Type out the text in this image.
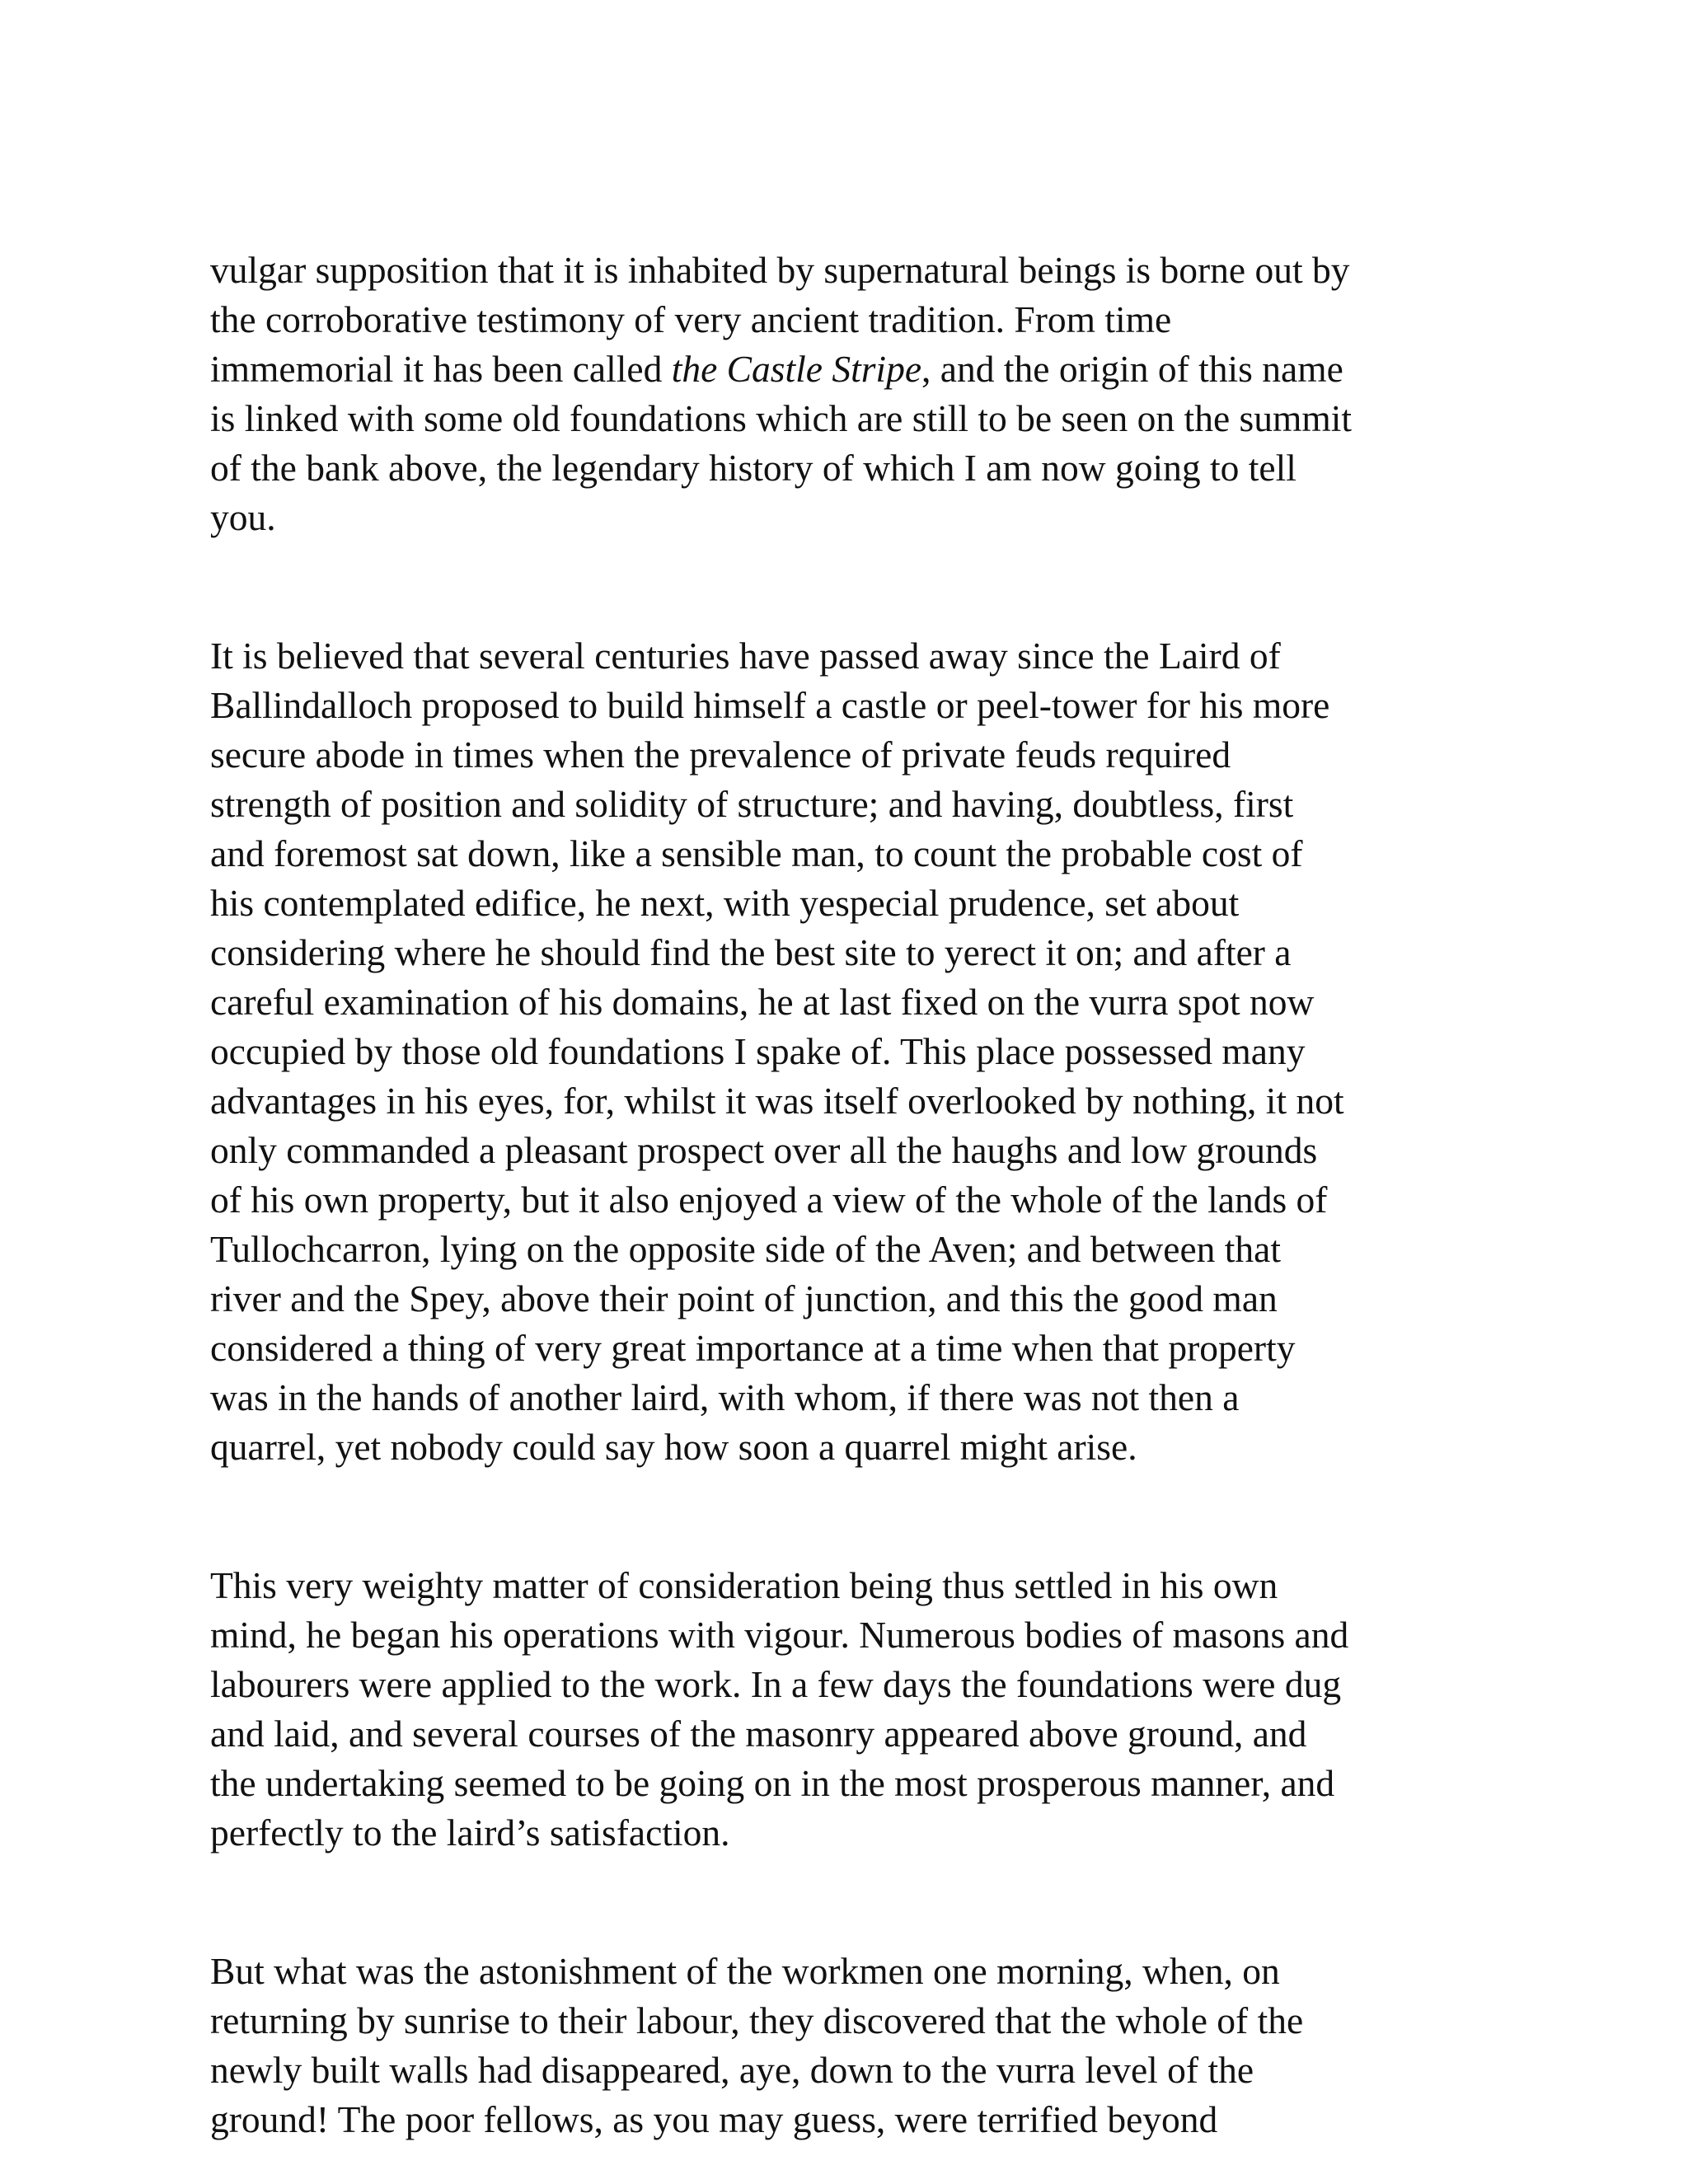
vulgar supposition that it is inhabited by supernatural beings is borne out by
the corroborative testimony of very ancient tradition. From time
immemorial it has been called the Castle Stripe, and the origin of this name
is linked with some old foundations which are still to be seen on the summit
of the bank above, the legendary history of which I am now going to tell
you.

It is believed that several centuries have passed away since the Laird of
Ballindalloch proposed to build himself a castle or peel-tower for his more
secure abode in times when the prevalence of private feuds required
strength of position and solidity of structure; and having, doubtless, first
and foremost sat down, like a sensible man, to count the probable cost of
his contemplated edifice, he next, with yespecial prudence, set about
considering where he should find the best site to yerect it on; and after a
careful examination of his domains, he at last fixed on the vurra spot now
occupied by those old foundations I spake of. This place possessed many
advantages in his eyes, for, whilst it was itself overlooked by nothing, it not
only commanded a pleasant prospect over all the haughs and low grounds
of his own property, but it also enjoyed a view of the whole of the lands of
Tullochcarron, lying on the opposite side of the Aven; and between that
river and the Spey, above their point of junction, and this the good man
considered a thing of very great importance at a time when that property
was in the hands of another laird, with whom, if there was not then a
quarrel, yet nobody could say how soon a quarrel might arise.

This very weighty matter of consideration being thus settled in his own
mind, he began his operations with vigour. Numerous bodies of masons and
labourers were applied to the work. In a few days the foundations were dug
and laid, and several courses of the masonry appeared above ground, and
the undertaking seemed to be going on in the most prosperous manner, and
perfectly to the laird’s satisfaction.

But what was the astonishment of the workmen one morning, when, on
returning by sunrise to their labour, they discovered that the whole of the
newly built walls had disappeared, aye, down to the vurra level of the
ground! The poor fellows, as you may guess, were terrified beyond
